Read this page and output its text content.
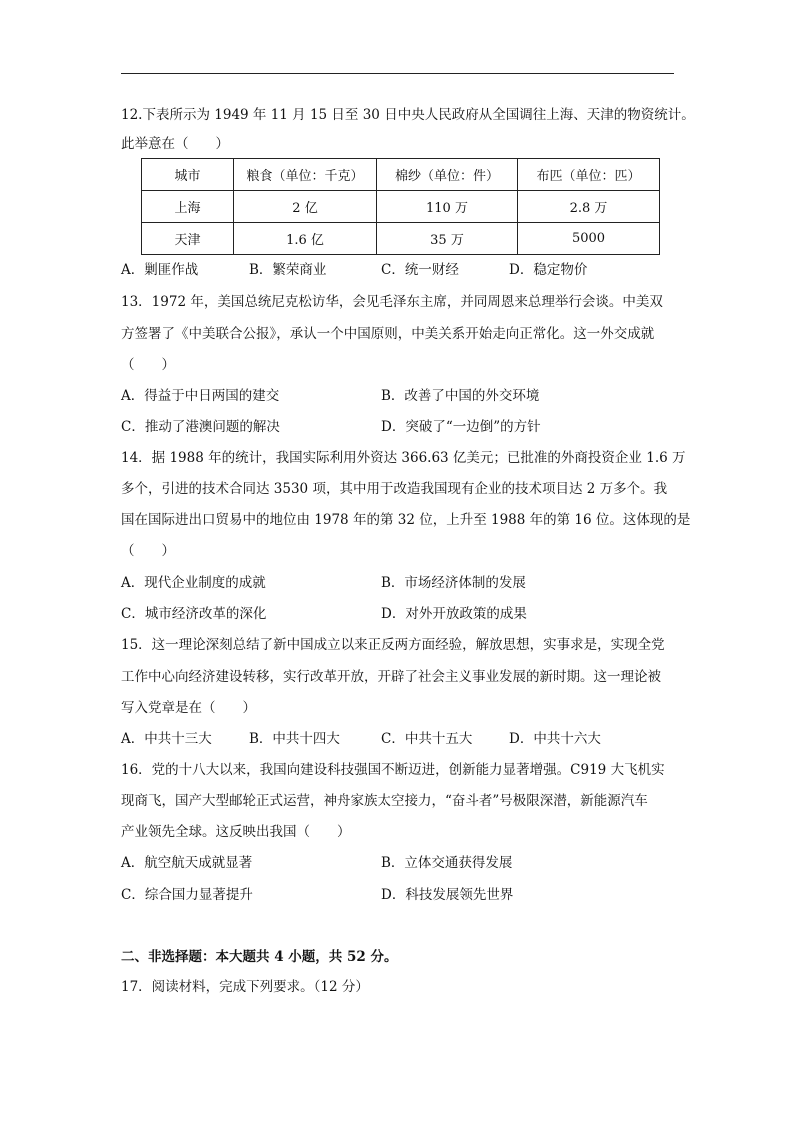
12.下表所示为 1949 年 11 月 15 日至 30 日中央人民政府从全国调往上海、天津的物资统计。
此举意在（　　）
城市	粮食（单位：千克）	棉纱（单位：件）	布匹（单位：匹）
上海	2 亿	110 万	2.8 万
天津	1.6 亿	35 万	5000
A．剿匪作战	B．繁荣商业	C．统一财经	D．稳定物价
13．1972 年，美国总统尼克松访华，会见毛泽东主席，并同周恩来总理举行会谈。中美双
方签署了《中美联合公报》，承认一个中国原则，中美关系开始走向正常化。这一外交成就
（　　）
A．得益于中日两国的建交	B．改善了中国的外交环境
C．推动了港澳问题的解决	D．突破了“一边倒”的方针
14．据 1988 年的统计，我国实际利用外资达 366.63 亿美元；已批准的外商投资企业 1.6 万
多个，引进的技术合同达 3530 项，其中用于改造我国现有企业的技术项目达 2 万多个。我
国在国际进出口贸易中的地位由 1978 年的第 32 位，上升至 1988 年的第 16 位。这体现的是
（　　）
A．现代企业制度的成就	B．市场经济体制的发展
C．城市经济改革的深化	D．对外开放政策的成果
15．这一理论深刻总结了新中国成立以来正反两方面经验，解放思想，实事求是，实现全党
工作中心向经济建设转移，实行改革开放，开辟了社会主义事业发展的新时期。这一理论被
写入党章是在（　　）
A．中共十三大	B．中共十四大	C．中共十五大	D．中共十六大
16．党的十八大以来，我国向建设科技强国不断迈进，创新能力显著增强。C919 大飞机实
现商飞，国产大型邮轮正式运营，神舟家族太空接力，“奋斗者”号极限深潜，新能源汽车
产业领先全球。这反映出我国（　　）
A．航空航天成就显著	B．立体交通获得发展
C．综合国力显著提升	D．科技发展领先世界
二、非选择题：本大题共 4 小题，共 52 分。
17．阅读材料，完成下列要求。（12 分）
